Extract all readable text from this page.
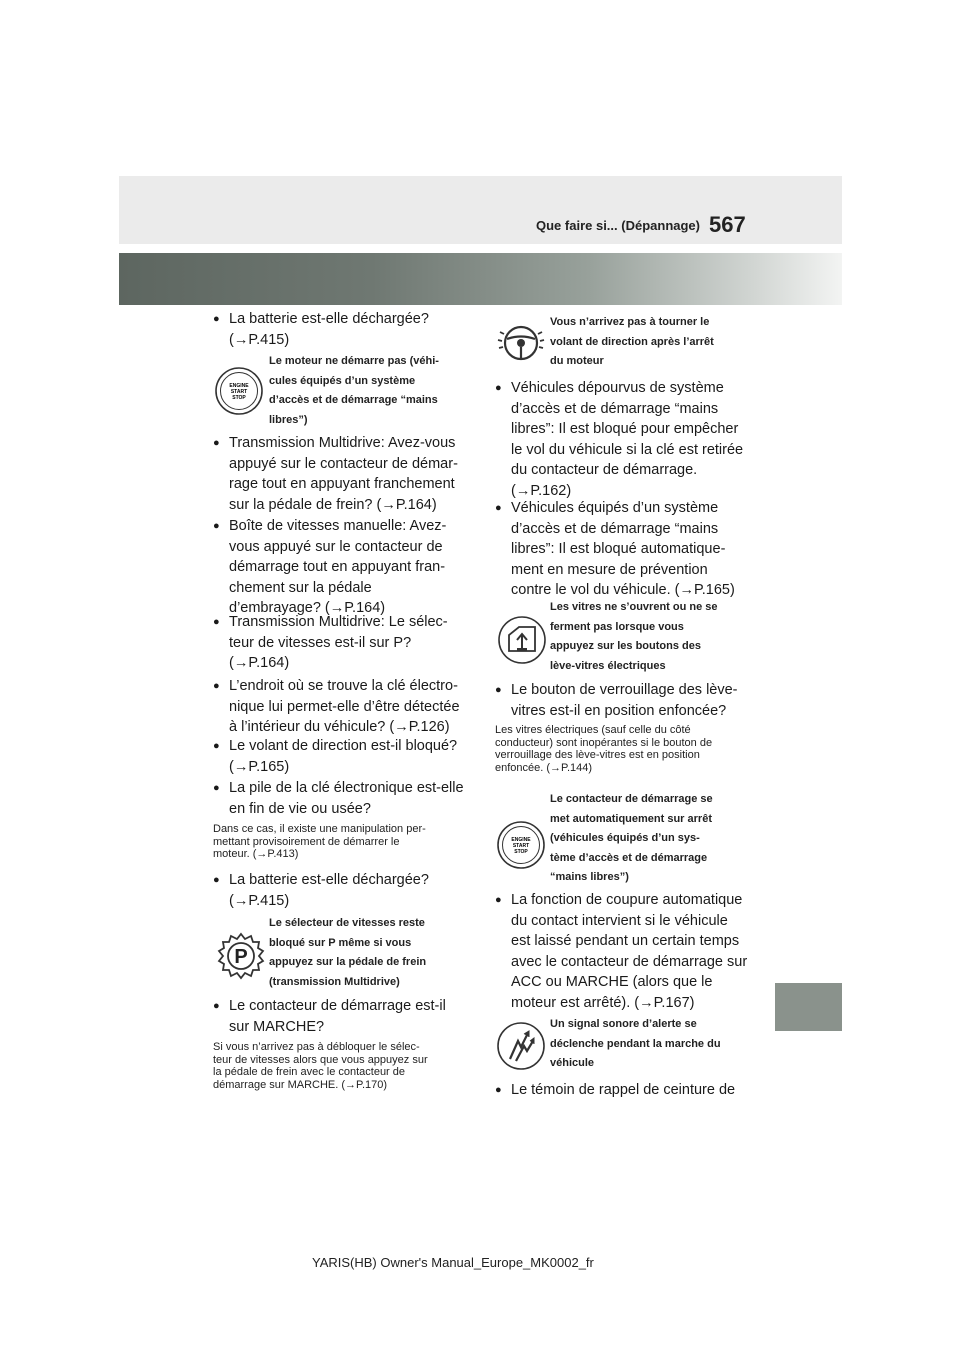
Que faire si... (Dépannage) 567
● La batterie est-elle déchargée?
(→P.415)
ENGINE
START
STOP
Le moteur ne démarre pas (véhi-
cules équipés d’un système
d’accès et de démarrage “mains
libres”)
● Transmission Multidrive: Avez-vous
appuyé sur le contacteur de démar-
rage tout en appuyant franchement
sur la pédale de frein? (→P.164)
● Boîte de vitesses manuelle: Avez-
vous appuyé sur le contacteur de
démarrage tout en appuyant fran-
chement sur la pédale
d’embrayage? (→P.164)
● Transmission Multidrive: Le sélec-
teur de vitesses est-il sur P?
(→P.164)
● L’endroit où se trouve la clé électro-
nique lui permet-elle d’être détectée
à l’intérieur du véhicule? (→P.126)
● Le volant de direction est-il bloqué?
(→P.165)
● La pile de la clé électronique est-elle
en fin de vie ou usée?
Dans ce cas, il existe une manipulation per-
mettant provisoirement de démarrer le
moteur. (→P.413)
● La batterie est-elle déchargée?
(→P.415)
P
Le sélecteur de vitesses reste
bloqué sur P même si vous
appuyez sur la pédale de frein
(transmission Multidrive)
● Le contacteur de démarrage est-il
sur MARCHE?
Si vous n’arrivez pas à débloquer le sélec-
teur de vitesses alors que vous appuyez sur
la pédale de frein avec le contacteur de
démarrage sur MARCHE. (→P.170)
Vous n’arrivez pas à tourner le
volant de direction après l’arrêt
du moteur
● Véhicules dépourvus de système
d’accès et de démarrage “mains
libres”: Il est bloqué pour empêcher
le vol du véhicule si la clé est retirée
du contacteur de démarrage.
(→P.162)
● Véhicules équipés d’un système
d’accès et de démarrage “mains
libres”: Il est bloqué automatique-
ment en mesure de prévention
contre le vol du véhicule. (→P.165)
Les vitres ne s’ouvrent ou ne se
ferment pas lorsque vous
appuyez sur les boutons des
lève-vitres électriques
● Le bouton de verrouillage des lève-
vitres est-il en position enfoncée?
Les vitres électriques (sauf celle du côté
conducteur) sont inopérantes si le bouton de
verrouillage des lève-vitres est en position
enfoncée. (→P.144)
ENGINE
START
STOP
Le contacteur de démarrage se
met automatiquement sur arrêt
(véhicules équipés d’un sys-
tème d’accès et de démarrage
“mains libres”)
● La fonction de coupure automatique
du contact intervient si le véhicule
est laissé pendant un certain temps
avec le contacteur de démarrage sur
ACC ou MARCHE (alors que le
moteur est arrêté). (→P.167)
Un signal sonore d’alerte se
déclenche pendant la marche du
véhicule
● Le témoin de rappel de ceinture de
YARIS(HB) Owner's Manual_Europe_MK0002_fr
